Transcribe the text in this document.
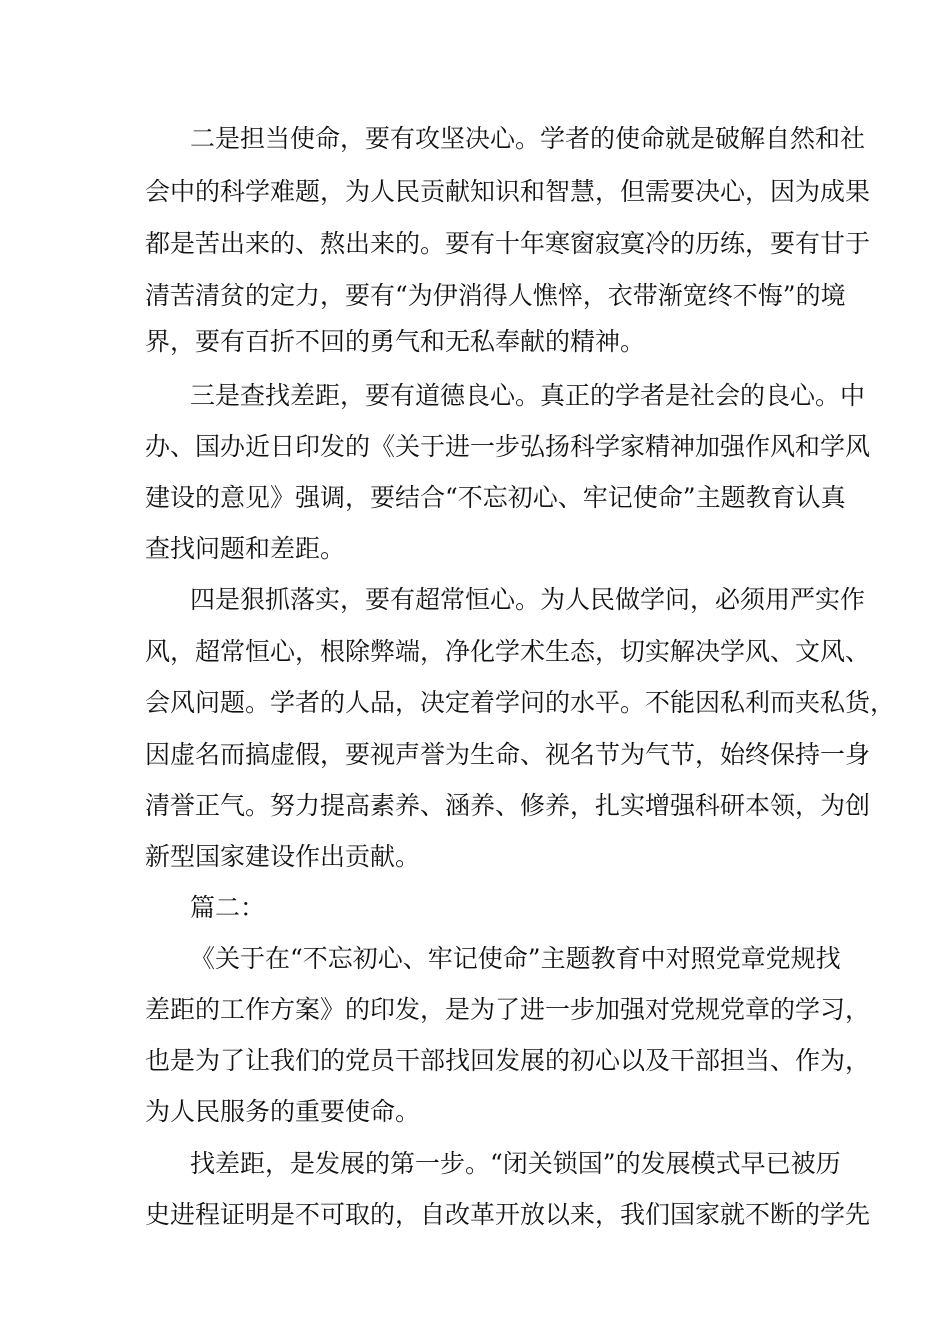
二是担当使命，要有攻坚决心。学者的使命就是破解自然和社
会中的科学难题，为人民贡献知识和智慧，但需要决心，因为成果
都是苦出来的、熬出来的。要有十年寒窗寂寞冷的历练，要有甘于
清苦清贫的定力，要有“为伊消得人憔悴，衣带渐宽终不悔”的境
界，要有百折不回的勇气和无私奉献的精神。
三是查找差距，要有道德良心。真正的学者是社会的良心。中
办、国办近日印发的《关于进一步弘扬科学家精神加强作风和学风
建设的意见》强调，要结合“不忘初心、牢记使命”主题教育认真
查找问题和差距。
四是狠抓落实，要有超常恒心。为人民做学问，必须用严实作
风，超常恒心，根除弊端，净化学术生态，切实解决学风、文风、
会风问题。学者的人品，决定着学问的水平。不能因私利而夹私货，
因虚名而搞虚假，要视声誉为生命、视名节为气节，始终保持一身
清誉正气。努力提高素养、涵养、修养，扎实增强科研本领，为创
新型国家建设作出贡献。
篇二：
《关于在“不忘初心、牢记使命”主题教育中对照党章党规找
差距的工作方案》的印发，是为了进一步加强对党规党章的学习，
也是为了让我们的党员干部找回发展的初心以及干部担当、作为，
为人民服务的重要使命。
找差距，是发展的第一步。“闭关锁国”的发展模式早已被历
史进程证明是不可取的，自改革开放以来，我们国家就不断的学先
